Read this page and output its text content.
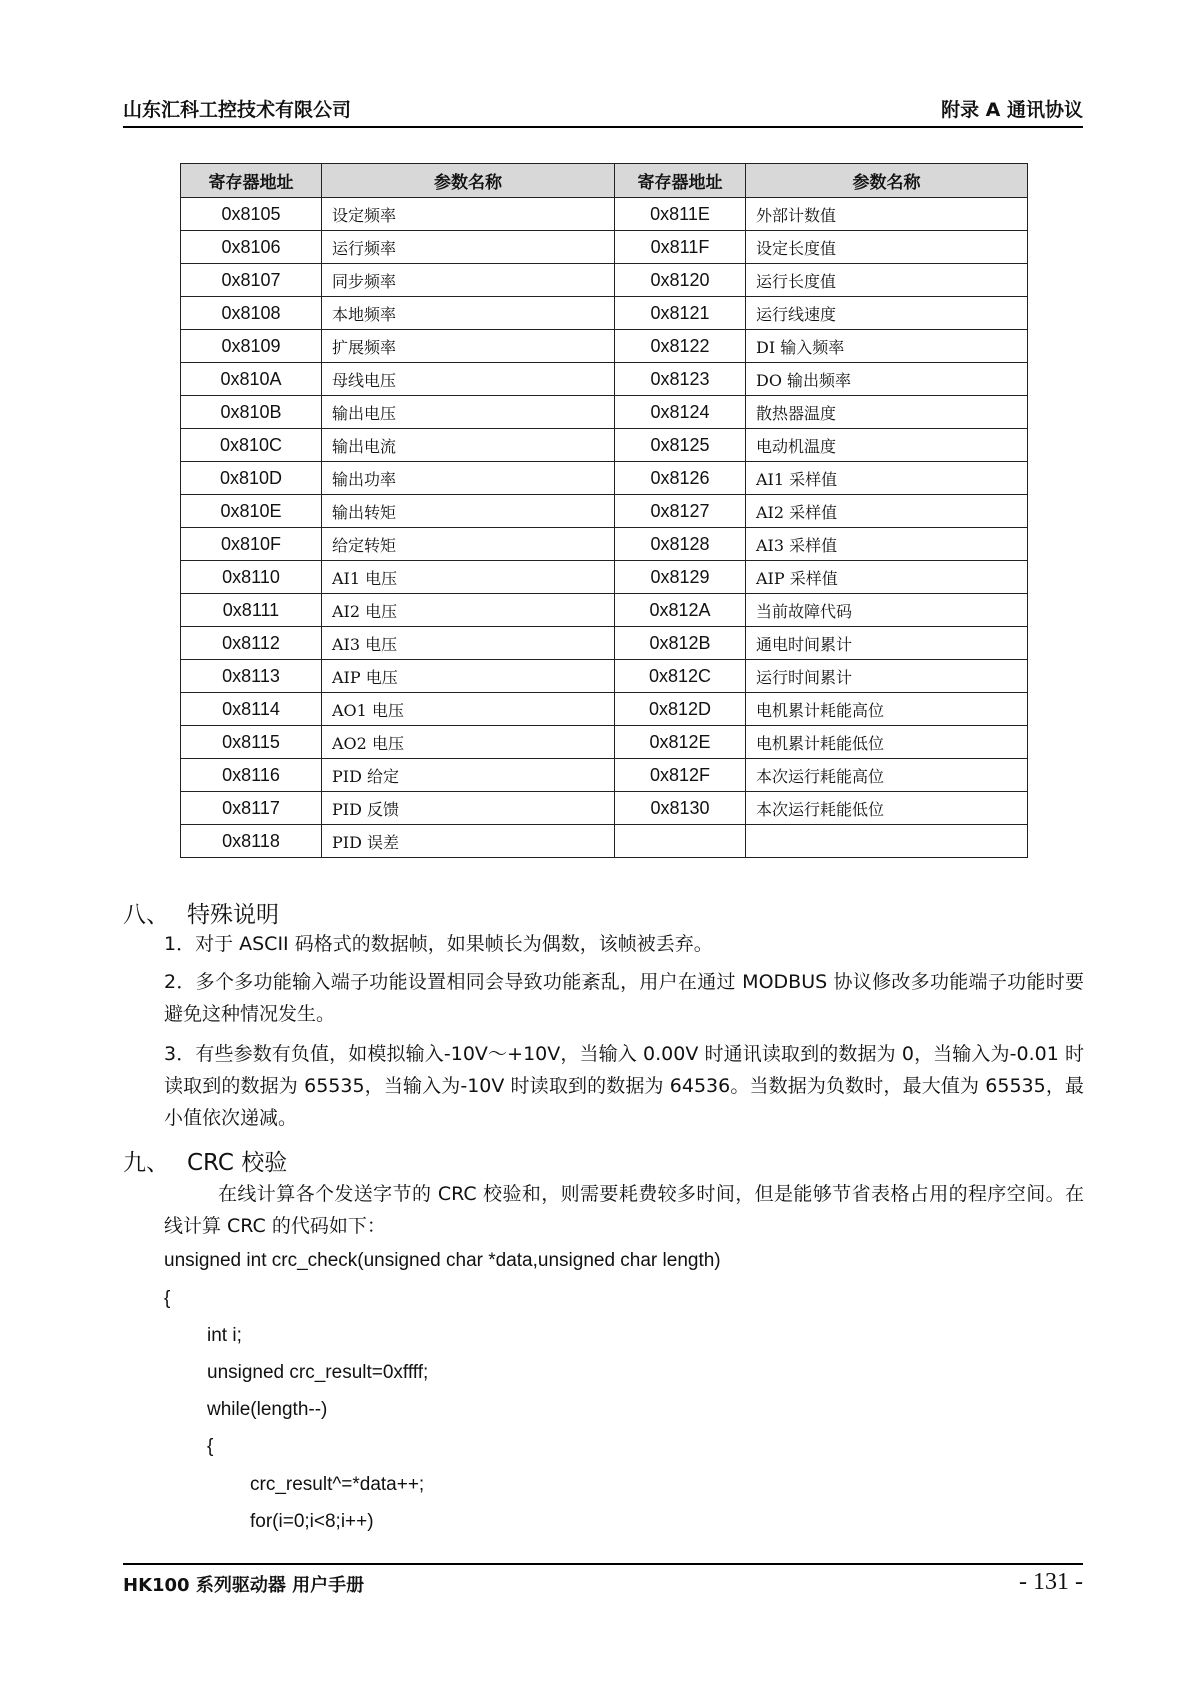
山东汇科工控技术有限公司	附录 A 通讯协议
寄存器地址	参数名称	寄存器地址	参数名称
0x8105	设定频率	0x811E	外部计数值
0x8106	运行频率	0x811F	设定长度值
0x8107	同步频率	0x8120	运行长度值
0x8108	本地频率	0x8121	运行线速度
0x8109	扩展频率	0x8122	DI 输入频率
0x810A	母线电压	0x8123	DO 输出频率
0x810B	输出电压	0x8124	散热器温度
0x810C	输出电流	0x8125	电动机温度
0x810D	输出功率	0x8126	AI1 采样值
0x810E	输出转矩	0x8127	AI2 采样值
0x810F	给定转矩	0x8128	AI3 采样值
0x8110	AI1 电压	0x8129	AIP 采样值
0x8111	AI2 电压	0x812A	当前故障代码
0x8112	AI3 电压	0x812B	通电时间累计
0x8113	AIP 电压	0x812C	运行时间累计
0x8114	AO1 电压	0x812D	电机累计耗能高位
0x8115	AO2 电压	0x812E	电机累计耗能低位
0x8116	PID 给定	0x812F	本次运行耗能高位
0x8117	PID 反馈	0x8130	本次运行耗能低位
0x8118	PID 误差		
八、 特殊说明
1．对于 ASCII 码格式的数据帧，如果帧长为偶数，该帧被丢弃。
2．多个多功能输入端子功能设置相同会导致功能紊乱，用户在通过 MODBUS 协议修改多功能端子功能时要避免这种情况发生。
3．有些参数有负值，如模拟输入-10V～+10V，当输入 0.00V 时通讯读取到的数据为 0，当输入为-0.01 时读取到的数据为 65535，当输入为-10V 时读取到的数据为 64536。当数据为负数时，最大值为 65535，最小值依次递减。
九、 CRC 校验
在线计算各个发送字节的 CRC 校验和，则需要耗费较多时间，但是能够节省表格占用的程序空间。在线计算 CRC 的代码如下：
unsigned int crc_check(unsigned char *data,unsigned char length)
{
int i;
unsigned crc_result=0xffff;
while(length--)
{
crc_result^=*data++;
for(i=0;i<8;i++)
HK100 系列驱动器 用户手册	- 131 -
